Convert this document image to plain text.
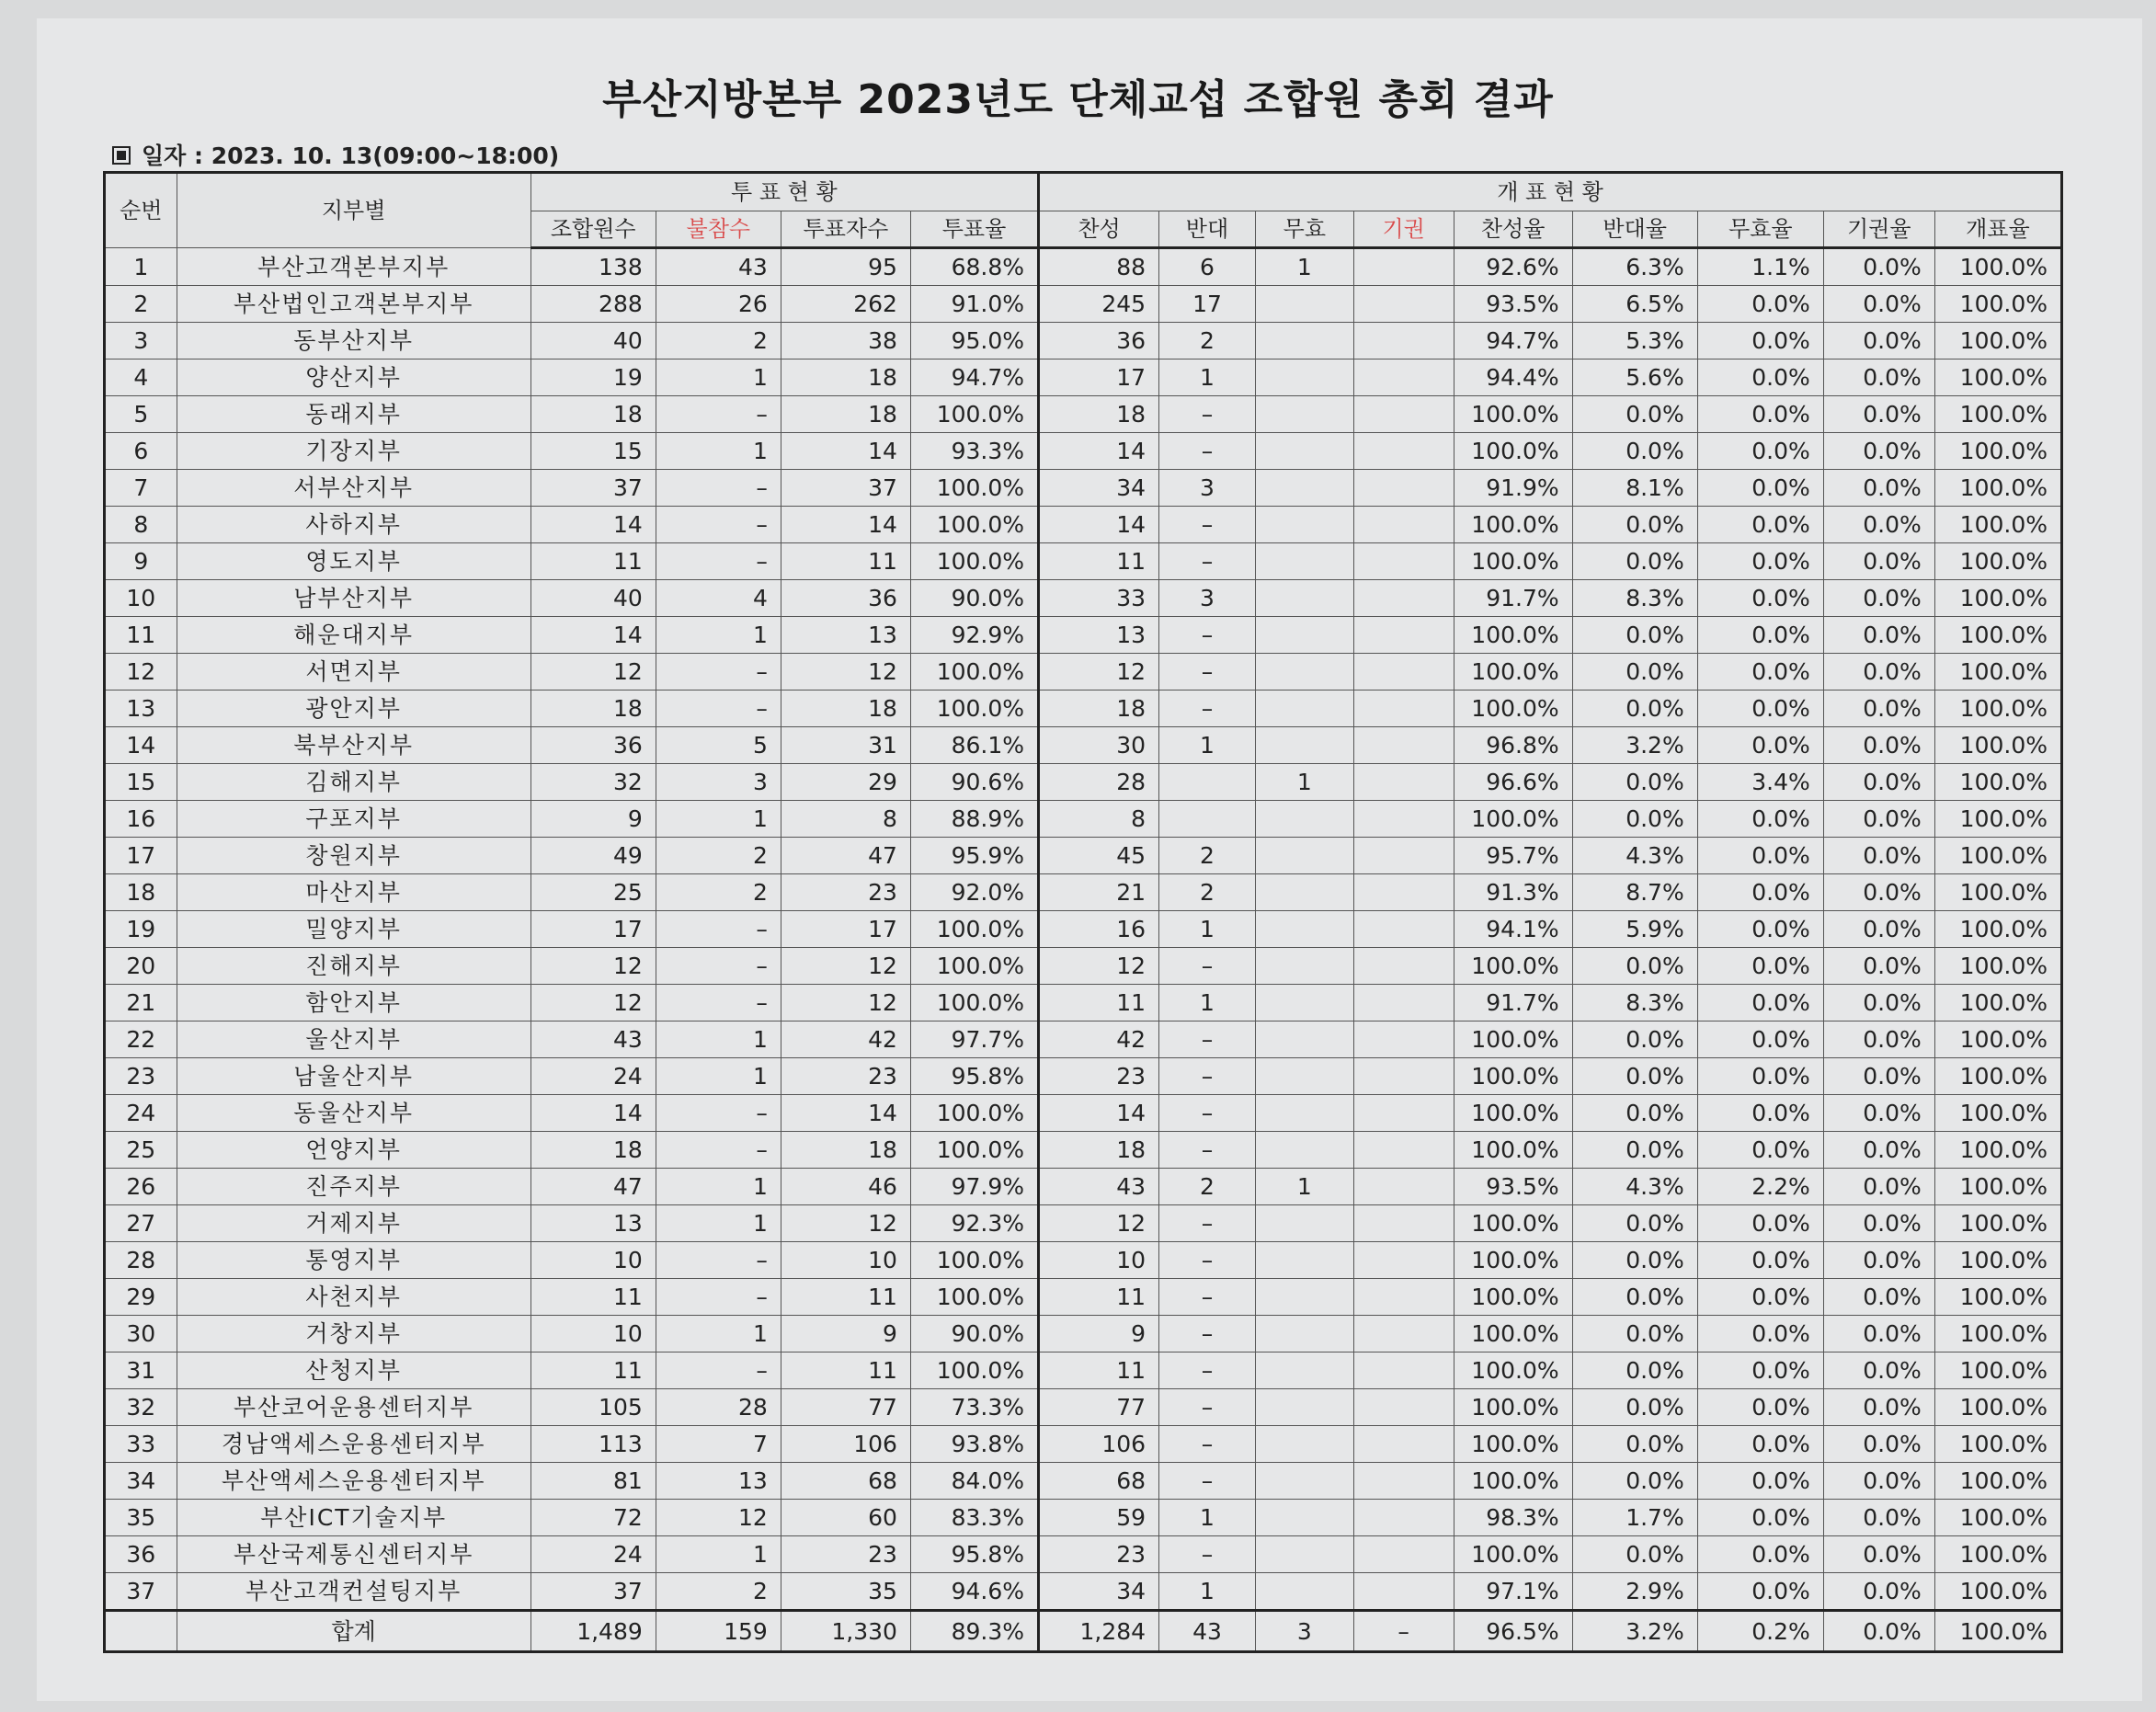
부산지방본부 2023년도 단체교섭 조합원 총회 결과
일자 : 2023. 10. 13(09:00~18:00)
순번	지부별	투 표 현 황				개 표 현 황								
		조합원수	불참수	투표자수	투표율	찬성	반대	무효	기권	찬성율	반대율	무효율	기권율	개표율
1	부산고객본부지부	138	43	95	68.8%	88	6	1		92.6%	6.3%	1.1%	0.0%	100.0%
2	부산법인고객본부지부	288	26	262	91.0%	245	17			93.5%	6.5%	0.0%	0.0%	100.0%
3	동부산지부	40	2	38	95.0%	36	2			94.7%	5.3%	0.0%	0.0%	100.0%
4	양산지부	19	1	18	94.7%	17	1			94.4%	5.6%	0.0%	0.0%	100.0%
5	동래지부	18	–	18	100.0%	18	–			100.0%	0.0%	0.0%	0.0%	100.0%
6	기장지부	15	1	14	93.3%	14	–			100.0%	0.0%	0.0%	0.0%	100.0%
7	서부산지부	37	–	37	100.0%	34	3			91.9%	8.1%	0.0%	0.0%	100.0%
8	사하지부	14	–	14	100.0%	14	–			100.0%	0.0%	0.0%	0.0%	100.0%
9	영도지부	11	–	11	100.0%	11	–			100.0%	0.0%	0.0%	0.0%	100.0%
10	남부산지부	40	4	36	90.0%	33	3			91.7%	8.3%	0.0%	0.0%	100.0%
11	해운대지부	14	1	13	92.9%	13	–			100.0%	0.0%	0.0%	0.0%	100.0%
12	서면지부	12	–	12	100.0%	12	–			100.0%	0.0%	0.0%	0.0%	100.0%
13	광안지부	18	–	18	100.0%	18	–			100.0%	0.0%	0.0%	0.0%	100.0%
14	북부산지부	36	5	31	86.1%	30	1			96.8%	3.2%	0.0%	0.0%	100.0%
15	김해지부	32	3	29	90.6%	28		1		96.6%	0.0%	3.4%	0.0%	100.0%
16	구포지부	9	1	8	88.9%	8				100.0%	0.0%	0.0%	0.0%	100.0%
17	창원지부	49	2	47	95.9%	45	2			95.7%	4.3%	0.0%	0.0%	100.0%
18	마산지부	25	2	23	92.0%	21	2			91.3%	8.7%	0.0%	0.0%	100.0%
19	밀양지부	17	–	17	100.0%	16	1			94.1%	5.9%	0.0%	0.0%	100.0%
20	진해지부	12	–	12	100.0%	12	–			100.0%	0.0%	0.0%	0.0%	100.0%
21	함안지부	12	–	12	100.0%	11	1			91.7%	8.3%	0.0%	0.0%	100.0%
22	울산지부	43	1	42	97.7%	42	–			100.0%	0.0%	0.0%	0.0%	100.0%
23	남울산지부	24	1	23	95.8%	23	–			100.0%	0.0%	0.0%	0.0%	100.0%
24	동울산지부	14	–	14	100.0%	14	–			100.0%	0.0%	0.0%	0.0%	100.0%
25	언양지부	18	–	18	100.0%	18	–			100.0%	0.0%	0.0%	0.0%	100.0%
26	진주지부	47	1	46	97.9%	43	2	1		93.5%	4.3%	2.2%	0.0%	100.0%
27	거제지부	13	1	12	92.3%	12	–			100.0%	0.0%	0.0%	0.0%	100.0%
28	통영지부	10	–	10	100.0%	10	–			100.0%	0.0%	0.0%	0.0%	100.0%
29	사천지부	11	–	11	100.0%	11	–			100.0%	0.0%	0.0%	0.0%	100.0%
30	거창지부	10	1	9	90.0%	9	–			100.0%	0.0%	0.0%	0.0%	100.0%
31	산청지부	11	–	11	100.0%	11	–			100.0%	0.0%	0.0%	0.0%	100.0%
32	부산코어운용센터지부	105	28	77	73.3%	77	–			100.0%	0.0%	0.0%	0.0%	100.0%
33	경남액세스운용센터지부	113	7	106	93.8%	106	–			100.0%	0.0%	0.0%	0.0%	100.0%
34	부산액세스운용센터지부	81	13	68	84.0%	68	–			100.0%	0.0%	0.0%	0.0%	100.0%
35	부산ICT기술지부	72	12	60	83.3%	59	1			98.3%	1.7%	0.0%	0.0%	100.0%
36	부산국제통신센터지부	24	1	23	95.8%	23	–			100.0%	0.0%	0.0%	0.0%	100.0%
37	부산고객컨설팅지부	37	2	35	94.6%	34	1			97.1%	2.9%	0.0%	0.0%	100.0%
	합계	1,489	159	1,330	89.3%	1,284	43	3	–	96.5%	3.2%	0.2%	0.0%	100.0%
